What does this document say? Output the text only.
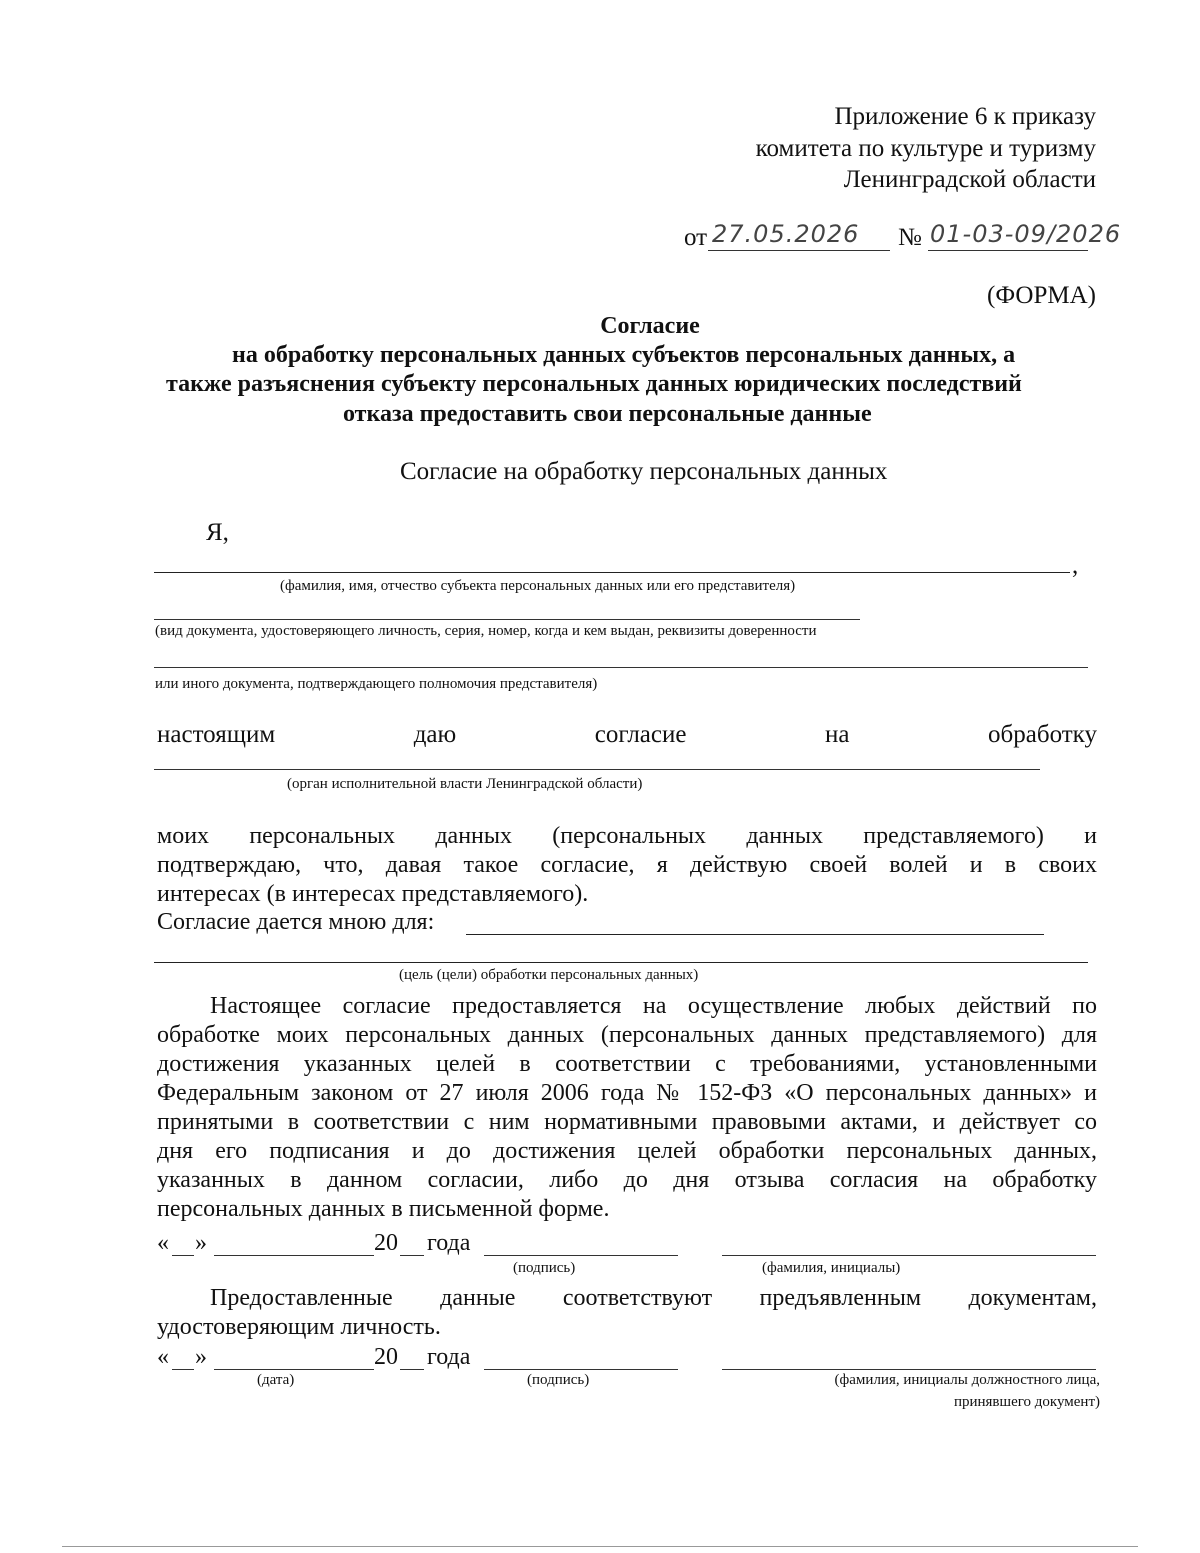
Приложение 6 к приказу
комитета по культуре и туризму
Ленинградской области
от 27.05.2026 № 01-03-09/2026
(ФОРМА)
Согласие
на обработку персональных данных субъектов персональных данных, а
также разъяснения субъекту персональных данных юридических последствий
отказа предоставить свои персональные данные
Согласие на обработку персональных данных
Я,
,
(фамилия, имя, отчество субъекта персональных данных или его представителя)
(вид документа, удостоверяющего личность, серия, номер, когда и кем выдан, реквизиты доверенности
или иного документа, подтверждающего полномочия представителя)
настоящим	даю	согласие	на	обработку
(орган исполнительной власти Ленинградской области)
моих персональных данных (персональных данных представляемого) и
подтверждаю, что, давая такое согласие, я действую своей волей и в своих
интересах (в интересах представляемого).
Согласие дается мною для:
(цель (цели) обработки персональных данных)
Настоящее согласие предоставляется на осуществление любых действий по
обработке моих персональных данных (персональных данных представляемого) для
достижения указанных целей в соответствии с требованиями, установленными
Федеральным законом от 27 июля 2006 года № 152-ФЗ «О персональных данных» и
принятыми в соответствии с ним нормативными правовыми актами, и действует со
дня его подписания и до достижения целей обработки персональных данных,
указанных в данном согласии, либо до дня отзыва согласия на обработку
персональных данных в письменной форме.
« »	20 года
(подпись)	(фамилия, инициалы)
Предоставленные данные соответствуют предъявленным документам,
удостоверяющим личность.
« »	20 года
(дата)	(подпись)	(фамилия, инициалы должностного лица,
принявшего документ)
